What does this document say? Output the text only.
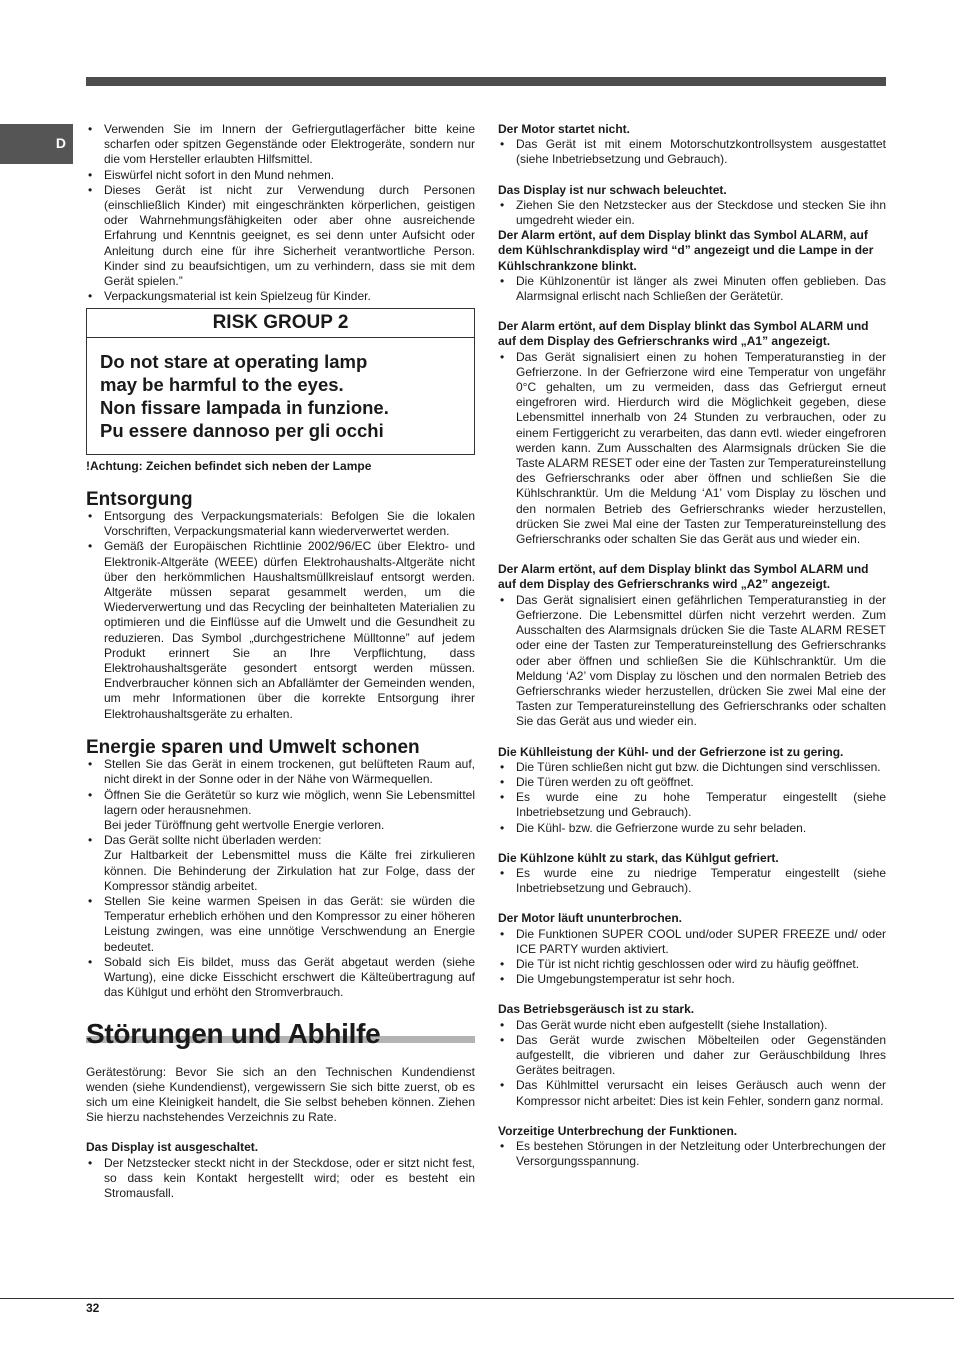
D
• Verwenden Sie im Innern der Gefriergutlagerfächer bitte keine scharfen oder spitzen Gegenstände oder Elektrogeräte, sondern nur die vom Hersteller erlaubten Hilfsmittel.
• Eiswürfel nicht sofort in den Mund nehmen.
• Dieses Gerät ist nicht zur Verwendung durch Personen (einschließlich Kinder) mit eingeschränkten körperlichen, geistigen oder Wahrnehmungsfähigkeiten oder aber ohne ausreichende Erfahrung und Kenntnis geeignet, es sei denn unter Aufsicht oder Anleitung durch eine für ihre Sicherheit verantwortliche Person. Kinder sind zu beaufsichtigen, um zu verhindern, dass sie mit dem Gerät spielen.”
• Verpackungsmaterial ist kein Spielzeug für Kinder.
RISK GROUP 2
Do not stare at operating lamp
may be harmful to the eyes.
Non fissare lampada in funzione.
Pu essere dannoso per gli occhi
!Achtung: Zeichen befindet sich neben der Lampe
Entsorgung
• Entsorgung des Verpackungsmaterials: Befolgen Sie die lokalen Vorschriften, Verpackungsmaterial kann wiederverwertet werden.
• Gemäß der Europäischen Richtlinie 2002/96/EC über Elektro- und Elektronik-Altgeräte (WEEE) dürfen Elektrohaushalts-Altgeräte nicht über den herkömmlichen Haushaltsmüllkreislauf entsorgt werden. Altgeräte müssen separat gesammelt werden, um die Wiederverwertung und das Recycling der beinhalteten Materialien zu optimieren und die Einflüsse auf die Umwelt und die Gesundheit zu reduzieren. Das Symbol „durchgestrichene Mülltonne” auf jedem Produkt erinnert Sie an Ihre Verpflichtung, dass Elektrohaushaltsgeräte gesondert entsorgt werden müssen. Endverbraucher können sich an Abfallämter der Gemeinden wenden, um mehr Informationen über die korrekte Entsorgung ihrer Elektrohaushaltsgeräte zu erhalten.
Energie sparen und Umwelt schonen
• Stellen Sie das Gerät in einem trockenen, gut belüfteten Raum auf, nicht direkt in der Sonne oder in der Nähe von Wärmequellen.
• Öffnen Sie die Gerätetür so kurz wie möglich, wenn Sie Lebensmittel lagern oder herausnehmen.
Bei jeder Türöffnung geht wertvolle Energie verloren.
• Das Gerät sollte nicht überladen werden:
Zur Haltbarkeit der Lebensmittel muss die Kälte frei zirkulieren können. Die Behinderung der Zirkulation hat zur Folge, dass der Kompressor ständig arbeitet.
• Stellen Sie keine warmen Speisen in das Gerät: sie würden die Temperatur erheblich erhöhen und den Kompressor zu einer höheren Leistung zwingen, was eine unnötige Verschwendung an Energie bedeutet.
• Sobald sich Eis bildet, muss das Gerät abgetaut werden (siehe Wartung), eine dicke Eisschicht erschwert die Kälteübertragung auf das Kühlgut und erhöht den Stromverbrauch.
Störungen und Abhilfe

Gerätestörung: Bevor Sie sich an den Technischen Kundendienst wenden (siehe Kundendienst), vergewissern Sie sich bitte zuerst, ob es sich um eine Kleinigkeit handelt, die Sie selbst beheben können. Ziehen Sie hierzu nachstehendes Verzeichnis zu Rate.

Das Display ist ausgeschaltet.
• Der Netzstecker steckt nicht in der Steckdose, oder er sitzt nicht fest, so dass kein Kontakt hergestellt wird; oder es besteht ein Stromausfall.
Der Motor startet nicht.
• Das Gerät ist mit einem Motorschutzkontrollsystem ausgestattet (siehe Inbetriebsetzung und Gebrauch).
Das Display ist nur schwach beleuchtet.
• Ziehen Sie den Netzstecker aus der Steckdose und stecken Sie ihn umgedreht wieder ein.
Der Alarm ertönt, auf dem Display blinkt das Symbol ALARM, auf dem Kühlschrankdisplay wird “d” angezeigt und die Lampe in der Kühlschrankzone blinkt.
• Die Kühlzonentür ist länger als zwei Minuten offen geblieben. Das Alarmsignal erlischt nach Schließen der Gerätetür.
Der Alarm ertönt, auf dem Display blinkt das Symbol ALARM und auf dem Display des Gefrierschranks wird „A1” angezeigt.
• Das Gerät signalisiert einen zu hohen Temperaturanstieg in der Gefrierzone. In der Gefrierzone wird eine Temperatur von ungefähr 0°C gehalten, um zu vermeiden, dass das Gefriergut erneut eingefroren wird. Hierdurch wird die Möglichkeit gegeben, diese Lebensmittel innerhalb von 24 Stunden zu verbrauchen, oder zu einem Fertiggericht zu verarbeiten, das dann evtl. wieder eingefroren werden kann. Zum Ausschalten des Alarmsignals drücken Sie die Taste ALARM RESET oder eine der Tasten zur Temperatureinstellung des Gefrierschranks oder aber öffnen und schließen Sie die Kühlschranktür. Um die Meldung ‘A1’ vom Display zu löschen und den normalen Betrieb des Gefrierschranks wieder herzustellen, drücken Sie zwei Mal eine der Tasten zur Temperatureinstellung des Gefrierschranks oder schalten Sie das Gerät aus und wieder ein.
Der Alarm ertönt, auf dem Display blinkt das Symbol ALARM und auf dem Display des Gefrierschranks wird „A2” angezeigt.
• Das Gerät signalisiert einen gefährlichen Temperaturanstieg in der Gefrierzone. Die Lebensmittel dürfen nicht verzehrt werden. Zum Ausschalten des Alarmsignals drücken Sie die Taste ALARM RESET oder eine der Tasten zur Temperatureinstellung des Gefrierschranks oder aber öffnen und schließen Sie die Kühlschranktür. Um die Meldung ‘A2’ vom Display zu löschen und den normalen Betrieb des Gefrierschranks wieder herzustellen, drücken Sie zwei Mal eine der Tasten zur Temperatureinstellung des Gefrierschranks oder schalten Sie das Gerät aus und wieder ein.
Die Kühlleistung der Kühl- und der Gefrierzone ist zu gering.
• Die Türen schließen nicht gut bzw. die Dichtungen sind verschlissen.
• Die Türen werden zu oft geöffnet.
• Es wurde eine zu hohe Temperatur eingestellt (siehe Inbetriebsetzung und Gebrauch).
• Die Kühl- bzw. die Gefrierzone wurde zu sehr beladen.
Die Kühlzone kühlt zu stark, das Kühlgut gefriert.
• Es wurde eine zu niedrige Temperatur eingestellt (siehe Inbetriebsetzung und Gebrauch).
Der Motor läuft ununterbrochen.
• Die Funktionen SUPER COOL und/oder SUPER FREEZE und/ oder ICE PARTY wurden aktiviert.
• Die Tür ist nicht richtig geschlossen oder wird zu häufig geöffnet.
• Die Umgebungstemperatur ist sehr hoch.
Das Betriebsgeräusch ist zu stark.
• Das Gerät wurde nicht eben aufgestellt (siehe Installation).
• Das Gerät wurde zwischen Möbelteilen oder Gegenständen aufgestellt, die vibrieren und daher zur Geräuschbildung Ihres Gerätes beitragen.
• Das Kühlmittel verursacht ein leises Geräusch auch wenn der Kompressor nicht arbeitet: Dies ist kein Fehler, sondern ganz normal.
Vorzeitige Unterbrechung der Funktionen.
• Es bestehen Störungen in der Netzleitung oder Unterbrechungen der Versorgungsspannung.
32
